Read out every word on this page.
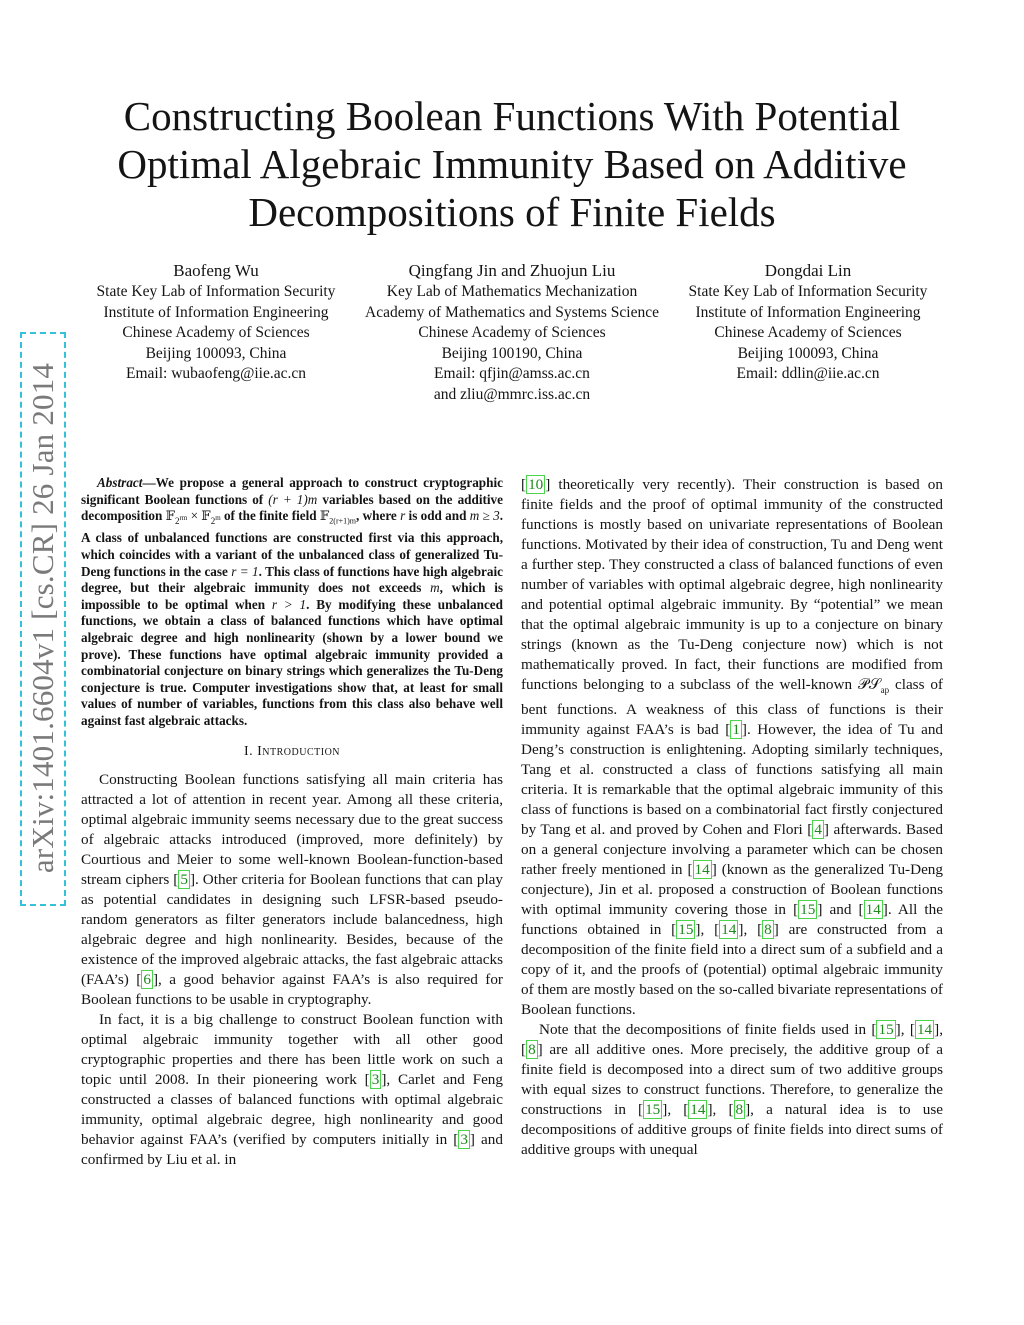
Constructing Boolean Functions With Potential
Optimal Algebraic Immunity Based on Additive
Decompositions of Finite Fields
Baofeng Wu
State Key Lab of Information Security
Institute of Information Engineering
Chinese Academy of Sciences
Beijing 100093, China
Email: wubaofeng@iie.ac.cn
Qingfang Jin and Zhuojun Liu
Key Lab of Mathematics Mechanization
Academy of Mathematics and Systems Science
Chinese Academy of Sciences
Beijing 100190, China
Email: qfjin@amss.ac.cn
and zliu@mmrc.iss.ac.cn
Dongdai Lin
State Key Lab of Information Security
Institute of Information Engineering
Chinese Academy of Sciences
Beijing 100093, China
Email: ddlin@iie.ac.cn
arXiv:1401.6604v1 [cs.CR] 26 Jan 2014	Abstract—We propose a general approach to construct cryptographic significant Boolean functions of (r + 1)m variables based on the additive decomposition 𝔽$_{2^{rm}}$ × 𝔽$_{2^m}$ of the finite field 𝔽$_{2(r+1)m}$, where r is odd and m ≥ 3. A class of unbalanced functions are constructed first via this approach, which coincides with a variant of the unbalanced class of generalized Tu-Deng functions in the case r = 1. This class of functions have high algebraic degree, but their algebraic immunity does not exceeds m, which is impossible to be optimal when r > 1. By modifying these unbalanced functions, we obtain a class of balanced functions which have optimal algebraic degree and high nonlinearity (shown by a lower bound we prove). These functions have optimal algebraic immunity provided a combinatorial conjecture on binary strings which generalizes the Tu-Deng conjecture is true. Computer investigations show that, at least for small values of number of variables, functions from this class also behave well against fast algebraic attacks.

I. Introduction

Constructing Boolean functions satisfying all main criteria has attracted a lot of attention in recent year. Among all these criteria, optimal algebraic immunity seems necessary due to the great success of algebraic attacks introduced (improved, more definitely) by Courtious and Meier to some well-known Boolean-function-based stream ciphers [ 5 ]. Other criteria for Boolean functions that can play as potential candidates in designing such LFSR-based pseudo-random generators as filter generators include balancedness, high algebraic degree and high nonlinearity. Besides, because of the existence of the improved algebraic attacks, the fast algebraic attacks (FAA’s) [ 6 ], a good behavior against FAA’s is also required for Boolean functions to be usable in cryptography.

In fact, it is a big challenge to construct Boolean function with optimal algebraic immunity together with all other good cryptographic properties and there has been little work on such a topic until 2008. In their pioneering work [ 3 ], Carlet and Feng constructed a classes of balanced functions with optimal algebraic immunity, optimal algebraic degree, high nonlinearity and good behavior against FAA’s (verified by computers initially in [ 3 ] and confirmed by Liu et al. in

[ 10 ] theoretically very recently). Their construction is based on finite fields and the proof of optimal immunity of the constructed functions is mostly based on univariate representations of Boolean functions. Motivated by their idea of construction, Tu and Deng went a further step. They constructed a class of balanced functions of even number of variables with optimal algebraic degree, high nonlinearity and potential optimal algebraic immunity. By “potential” we mean that the optimal algebraic immunity is up to a conjecture on binary strings (known as the Tu-Deng conjecture now) which is not mathematically proved. In fact, their functions are modified from functions belonging to a subclass of the well-known 𝒫𝒮$_{ap}$ class of bent functions. A weakness of this class of functions is their immunity against FAA’s is bad [ 1 ]. However, the idea of Tu and Deng’s construction is enlightening. Adopting similarly techniques, Tang et al. constructed a class of functions satisfying all main criteria. It is remarkable that the optimal algebraic immunity of this class of functions is based on a combinatorial fact firstly conjectured by Tang et al. and proved by Cohen and Flori [ 4 ] afterwards. Based on a general conjecture involving a parameter which can be chosen rather freely mentioned in [ 14 ] (known as the generalized Tu-Deng conjecture), Jin et al. proposed a construction of Boolean functions with optimal immunity covering those in [ 15 ] and [ 14 ]. All the functions obtained in [ 15 ], [ 14 ], [ 8 ] are constructed from a decomposition of the finite field into a direct sum of a subfield and a copy of it, and the proofs of (potential) optimal algebraic immunity of them are mostly based on the so-called bivariate representations of Boolean functions.

Note that the decompositions of finite fields used in [ 15 ], [ 14 ], [ 8 ] are all additive ones. More precisely, the additive group of a finite field is decomposed into a direct sum of two additive groups with equal sizes to construct functions. Therefore, to generalize the constructions in [ 15 ], [ 14 ], [ 8 ], a natural idea is to use decompositions of additive groups of finite fields into direct sums of additive groups with unequal
